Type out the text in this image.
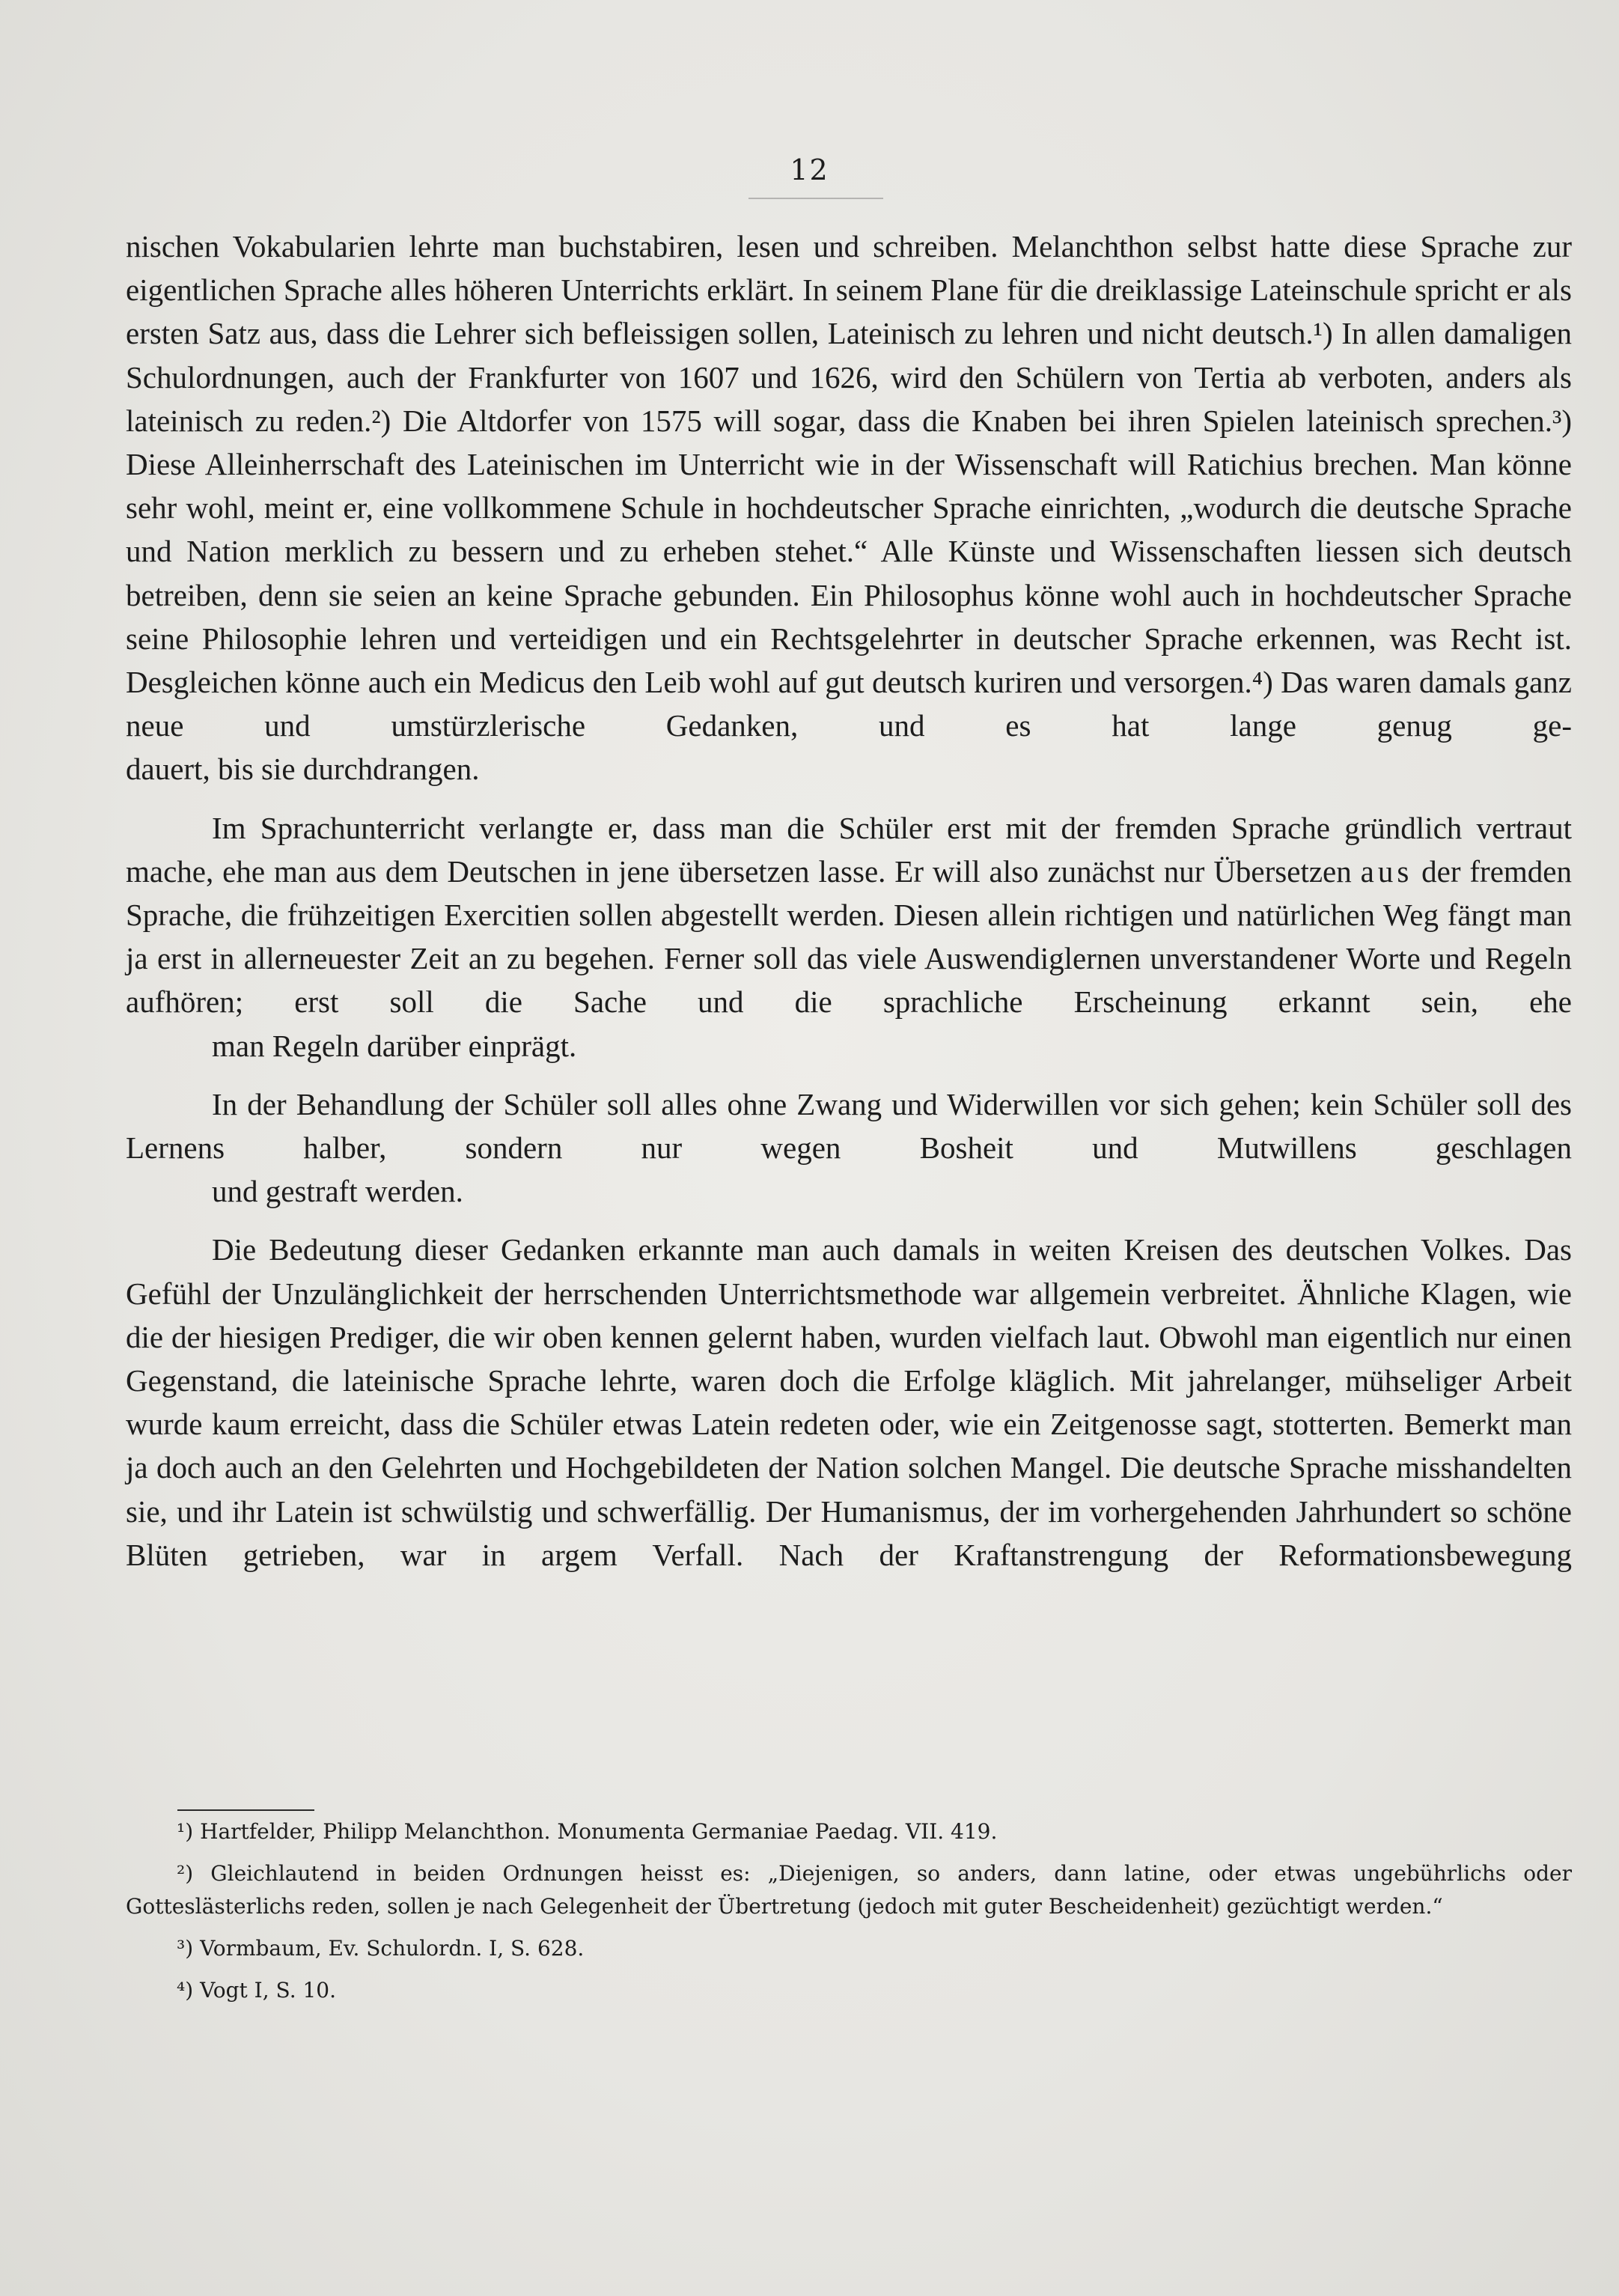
12

nischen Vokabularien lehrte man buchstabiren, lesen und schreiben. Melanchthon selbst hatte diese Sprache zur eigentlichen Sprache alles höheren Unterrichts erklärt. In seinem Plane für die dreiklassige Lateinschule spricht er als ersten Satz aus, dass die Lehrer sich befleissigen sollen, Lateinisch zu lehren und nicht deutsch.¹) In allen damaligen Schulordnungen, auch der Frankfurter von 1607 und 1626, wird den Schülern von Tertia ab verboten, anders als lateinisch zu reden.²) Die Altdorfer von 1575 will sogar, dass die Knaben bei ihren Spielen lateinisch sprechen.³) Diese Alleinherrschaft des Lateinischen im Unterricht wie in der Wissenschaft will Ratichius brechen. Man könne sehr wohl, meint er, eine vollkommene Schule in hochdeutscher Sprache einrichten, „wodurch die deutsche Sprache und Nation merklich zu bessern und zu erheben stehet.“ Alle Künste und Wissenschaften liessen sich deutsch betreiben, denn sie seien an keine Sprache gebunden. Ein Philosophus könne wohl auch in hochdeutscher Sprache seine Philosophie lehren und verteidigen und ein Rechtsgelehrter in deutscher Sprache erkennen, was Recht ist. Desgleichen könne auch ein Medicus den Leib wohl auf gut deutsch kuriren und versorgen.⁴) Das waren damals ganz neue und umstürzlerische Gedanken, und es hat lange genug ge-
dauert, bis sie durchdrangen.

Im Sprachunterricht verlangte er, dass man die Schüler erst mit der fremden Sprache gründlich vertraut mache, ehe man aus dem Deutschen in jene übersetzen lasse. Er will also zunächst nur Übersetzen aus der fremden Sprache, die frühzeitigen Exercitien sollen abgestellt werden. Diesen allein richtigen und natürlichen Weg fängt man ja erst in allerneuester Zeit an zu begehen. Ferner soll das viele Auswendiglernen unverstandener Worte und Regeln aufhören; erst soll die Sache und die sprachliche Erscheinung erkannt sein, ehe
man Regeln darüber einprägt.

In der Behandlung der Schüler soll alles ohne Zwang und Widerwillen vor sich gehen; kein Schüler soll des Lernens halber, sondern nur wegen Bosheit und Mutwillens geschlagen
und gestraft werden.

Die Bedeutung dieser Gedanken erkannte man auch damals in weiten Kreisen des deutschen Volkes. Das Gefühl der Unzulänglichkeit der herrschenden Unterrichtsmethode war allgemein verbreitet. Ähnliche Klagen, wie die der hiesigen Prediger, die wir oben kennen gelernt haben, wurden vielfach laut. Obwohl man eigentlich nur einen Gegenstand, die lateinische Sprache lehrte, waren doch die Erfolge kläglich. Mit jahrelanger, mühseliger Arbeit wurde kaum erreicht, dass die Schüler etwas Latein redeten oder, wie ein Zeitgenosse sagt, stotterten. Bemerkt man ja doch auch an den Gelehrten und Hochgebildeten der Nation solchen Mangel. Die deutsche Sprache misshandelten sie, und ihr Latein ist schwülstig und schwerfällig. Der Humanismus, der im vorhergehenden Jahrhundert so schöne Blüten getrieben, war in argem Verfall. Nach der Kraftanstrengung der Reformationsbewegung

¹) Hartfelder, Philipp Melanchthon. Monumenta Germaniae Paedag. VII. 419.

²) Gleichlautend in beiden Ordnungen heisst es: „Diejenigen, so anders, dann latine, oder etwas ungebührlichs oder Gotteslästerlichs reden, sollen je nach Gelegenheit der Übertretung (jedoch mit guter Bescheidenheit) gezüchtigt werden.“

³) Vormbaum, Ev. Schulordn. I, S. 628.

⁴) Vogt I, S. 10.
